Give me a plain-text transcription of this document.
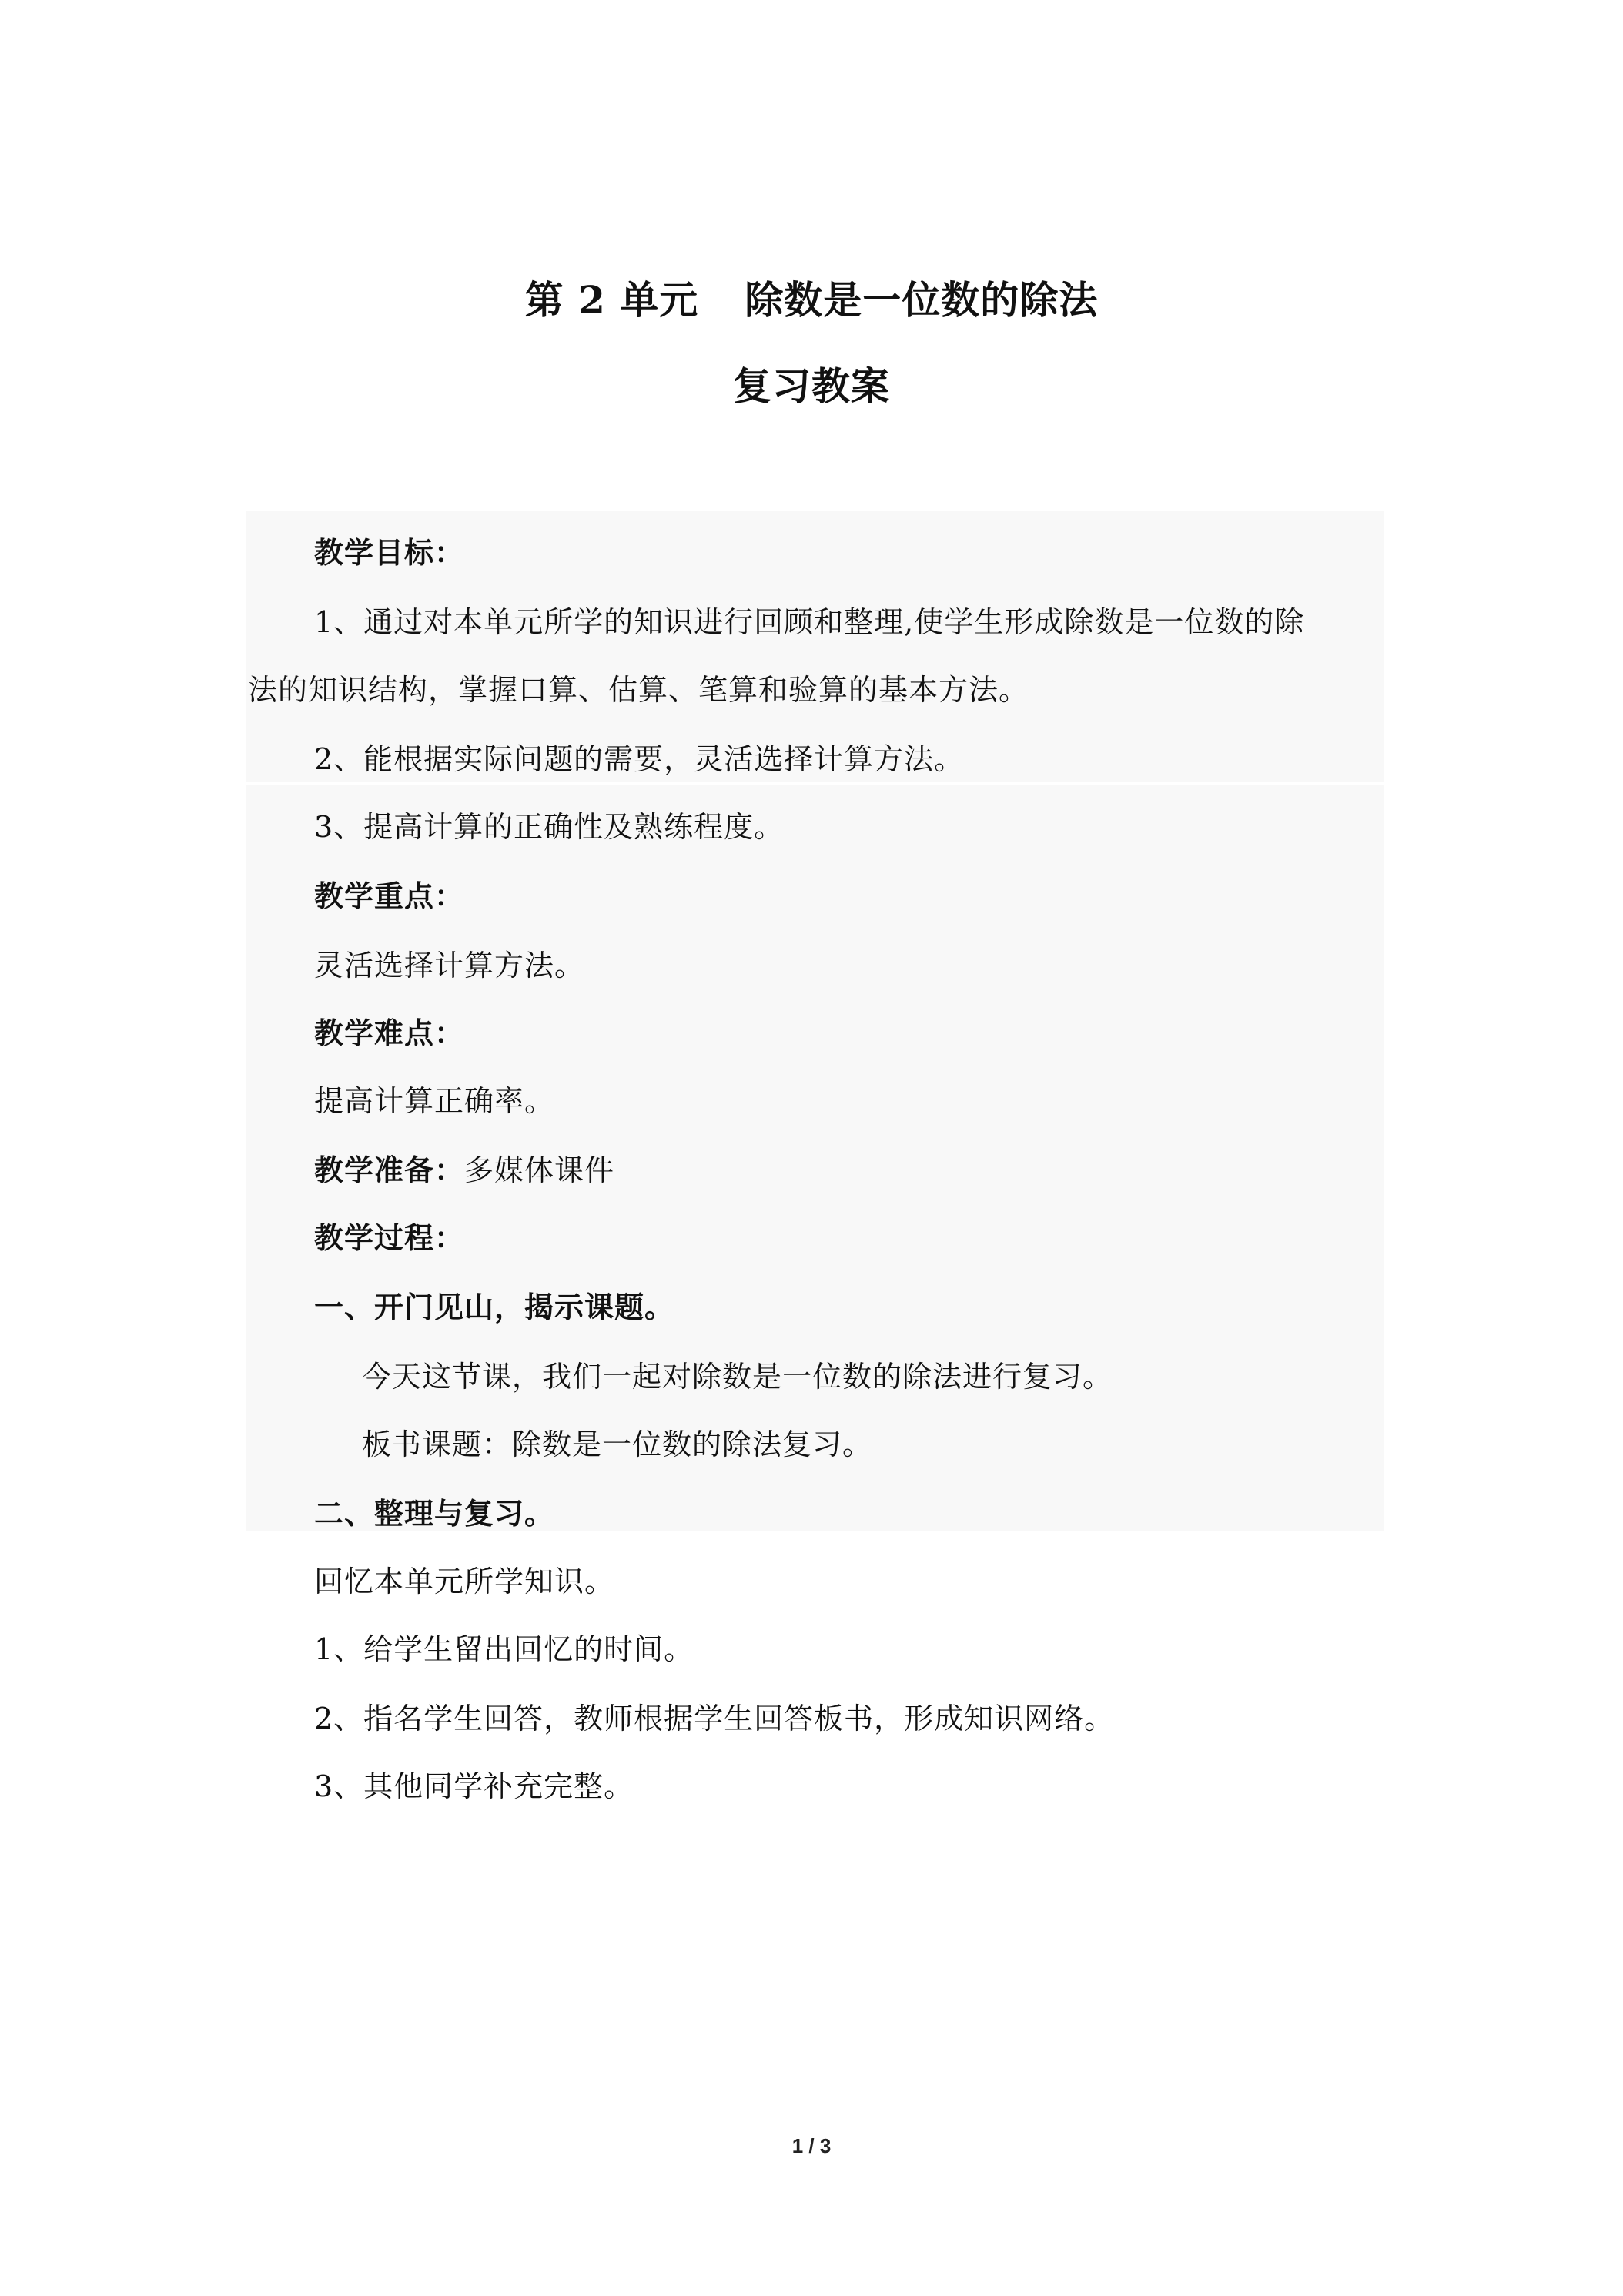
第 2 单元 除数是一位数的除法
复习教案
教学目标：
1、通过对本单元所学的知识进行回顾和整理,使学生形成除数是一位数的除
法的知识结构，掌握口算、估算、笔算和验算的基本方法。
2、能根据实际问题的需要，灵活选择计算方法。
3、提高计算的正确性及熟练程度。
教学重点：
灵活选择计算方法。
教学难点：
提高计算正确率。
教学准备：多媒体课件
教学过程：
一、开门见山，揭示课题。
今天这节课，我们一起对除数是一位数的除法进行复习。
板书课题：除数是一位数的除法复习。
二、整理与复习。
回忆本单元所学知识。
1、给学生留出回忆的时间。
2、指名学生回答，教师根据学生回答板书，形成知识网络。
3、其他同学补充完整。
1 / 3
